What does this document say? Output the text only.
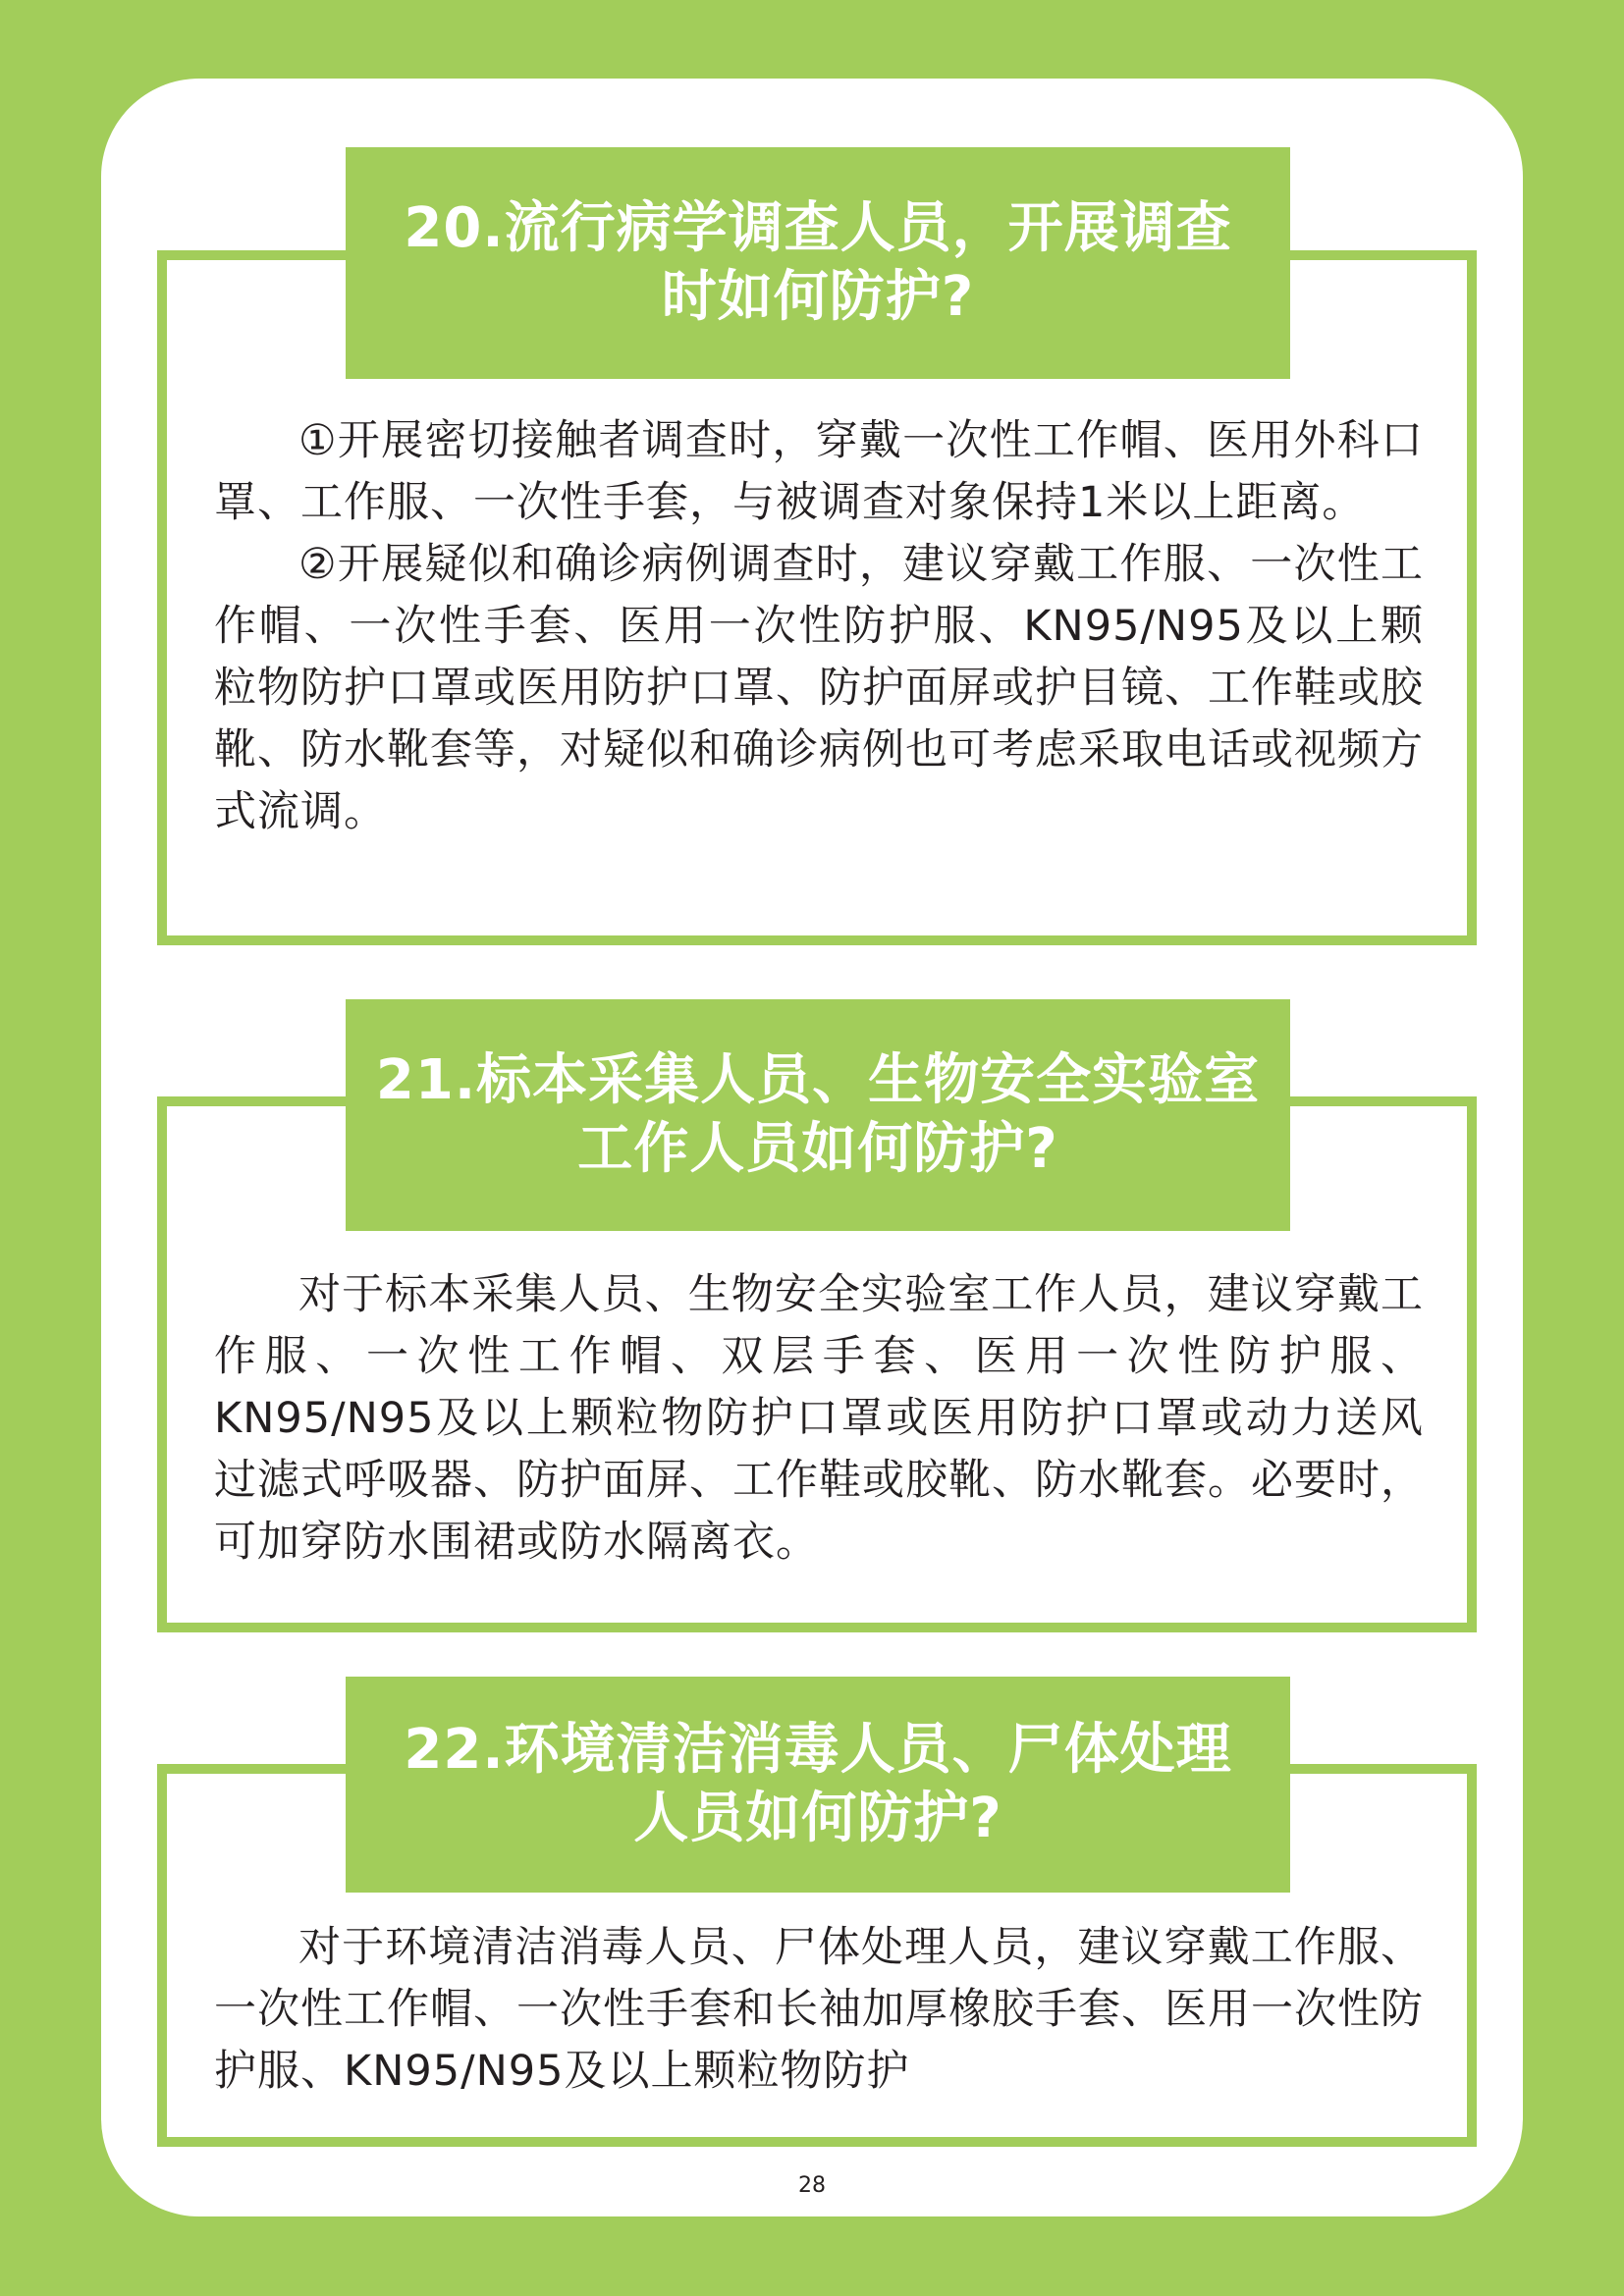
20.流行病学调查人员，开展调查
时如何防护?

①开展密切接触者调查时，穿戴一次性工作帽、医用外科口罩、工作服、一次性手套，与被调查对象保持1米以上距离。

②开展疑似和确诊病例调查时，建议穿戴工作服、一次性工作帽、一次性手套、医用一次性防护服、KN95/N95及以上颗粒物防护口罩或医用防护口罩、防护面屏或护目镜、工作鞋或胶靴、防水靴套等，对疑似和确诊病例也可考虑采取电话或视频方式流调。

21.标本采集人员、生物安全实验室
工作人员如何防护?

对于标本采集人员、生物安全实验室工作人员，建议穿戴工作服、一次性工作帽、双层手套、医用一次性防护服、KN95/N95及以上颗粒物防护口罩或医用防护口罩或动力送风过滤式呼吸器、防护面屏、工作鞋或胶靴、防水靴套。必要时，可加穿防水围裙或防水隔离衣。

22.环境清洁消毒人员、尸体处理
人员如何防护?

对于环境清洁消毒人员、尸体处理人员，建议穿戴工作服、一次性工作帽、一次性手套和长袖加厚橡胶手套、医用一次性防护服、KN95/N95及以上颗粒物防护

28
